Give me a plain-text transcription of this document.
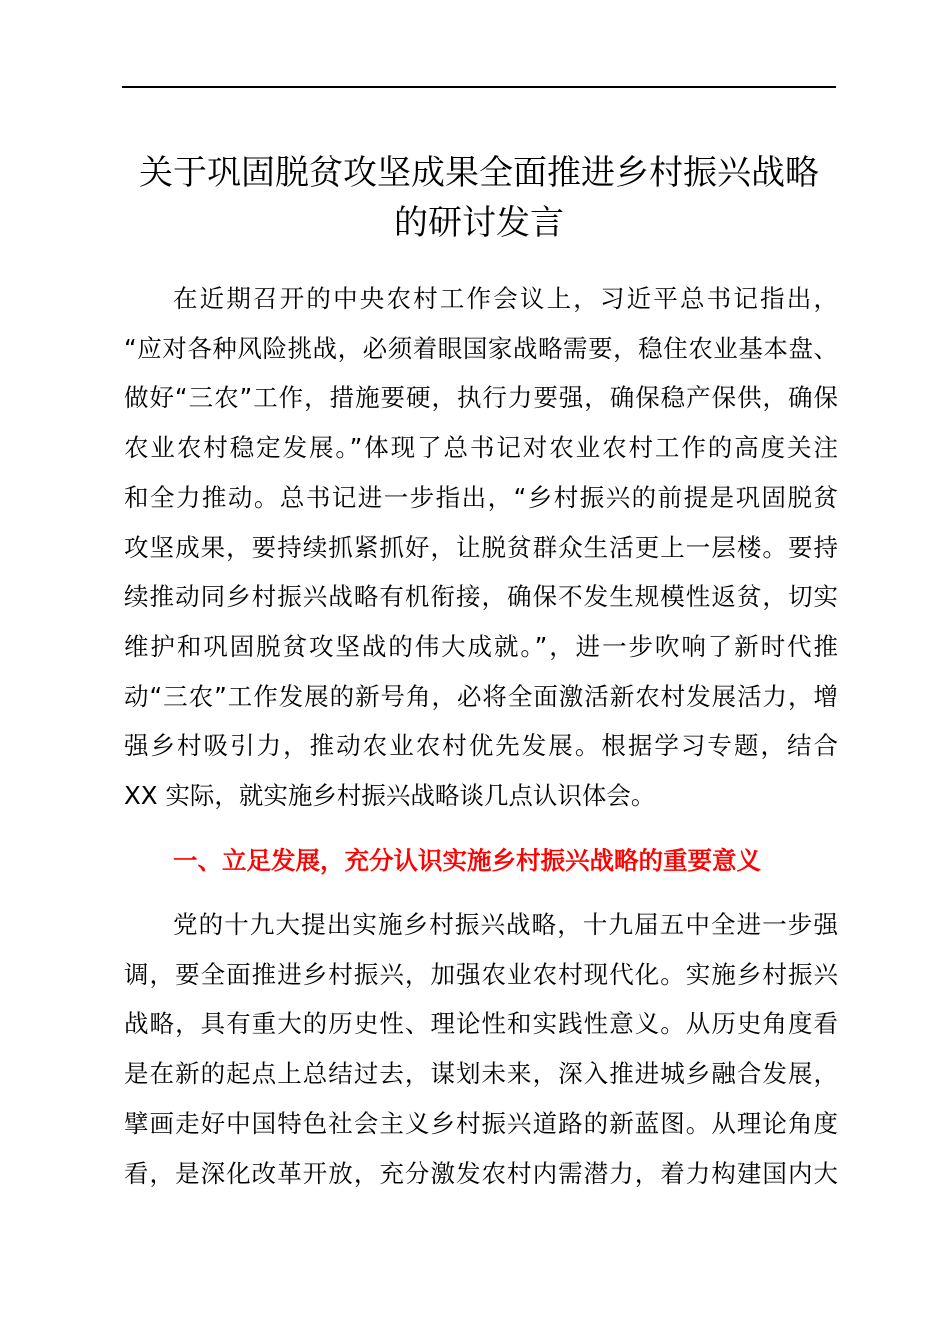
关于巩固脱贫攻坚成果全面推进乡村振兴战略
的研讨发言

在近期召开的中央农村工作会议上，习近平总书记指出，
“应对各种风险挑战，必须着眼国家战略需要，稳住农业基本盘、
做好“三农”工作，措施要硬，执行力要强，确保稳产保供，确保
农业农村稳定发展。”体现了总书记对农业农村工作的高度关注
和全力推动。总书记进一步指出，“乡村振兴的前提是巩固脱贫
攻坚成果，要持续抓紧抓好，让脱贫群众生活更上一层楼。要持
续推动同乡村振兴战略有机衔接，确保不发生规模性返贫，切实
维护和巩固脱贫攻坚战的伟大成就。”，进一步吹响了新时代推
动“三农”工作发展的新号角，必将全面激活新农村发展活力，增
强乡村吸引力，推动农业农村优先发展。根据学习专题，结合
XX 实际，就实施乡村振兴战略谈几点认识体会。

一、立足发展，充分认识实施乡村振兴战略的重要意义

党的十九大提出实施乡村振兴战略，十九届五中全进一步强
调，要全面推进乡村振兴，加强农业农村现代化。实施乡村振兴
战略，具有重大的历史性、理论性和实践性意义。从历史角度看
是在新的起点上总结过去，谋划未来，深入推进城乡融合发展，
擘画走好中国特色社会主义乡村振兴道路的新蓝图。从理论角度
看，是深化改革开放，充分激发农村内需潜力，着力构建国内大
